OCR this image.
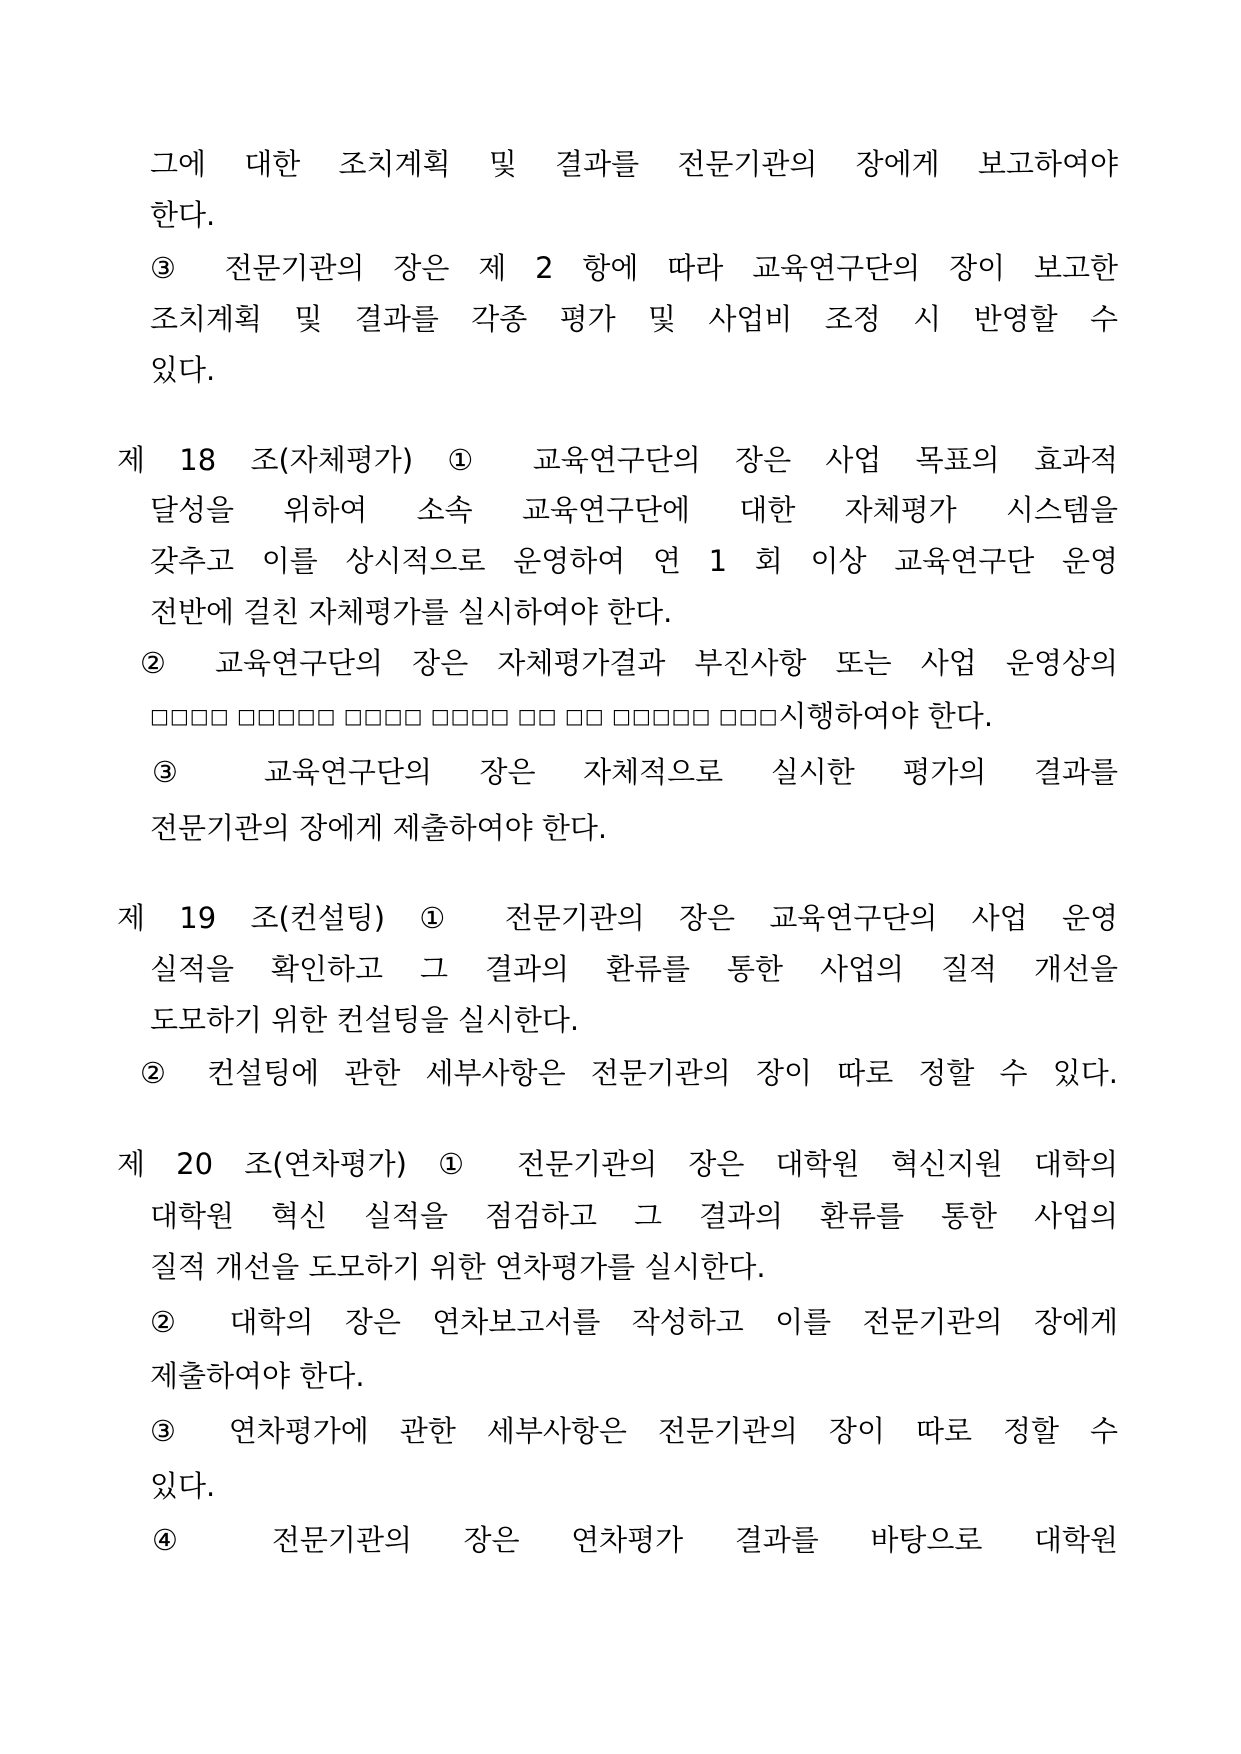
그에 대한 조치계획 및 결과를 전문기관의 장에게 보고하여야
한다.
③ 전문기관의 장은 제 2 항에 따라 교육연구단의 장이 보고한
조치계획 및 결과를 각종 평가 및 사업비 조정 시 반영할 수
있다.
제 18 조(자체평가) ① 교육연구단의 장은 사업 목표의 효과적
달성을 위하여 소속 교육연구단에 대한 자체평가 시스템을
갖추고 이를 상시적으로 운영하여 연 1 회 이상 교육연구단 운영
전반에 걸친 자체평가를 실시하여야 한다.
② 교육연구단의 장은 자체평가결과 부진사항 또는 사업 운영상의
□□□□ □□□□□ □□□□ □□□□ □□ □□ □□□□□ □□□시행하여야 한다.
③ 교육연구단의 장은 자체적으로 실시한 평가의 결과를
전문기관의 장에게 제출하여야 한다.
제 19 조(컨설팅) ① 전문기관의 장은 교육연구단의 사업 운영
실적을 확인하고 그 결과의 환류를 통한 사업의 질적 개선을
도모하기 위한 컨설팅을 실시한다.
② 컨설팅에 관한 세부사항은 전문기관의 장이 따로 정할 수 있다.
제 20 조(연차평가) ① 전문기관의 장은 대학원 혁신지원 대학의
대학원 혁신 실적을 점검하고 그 결과의 환류를 통한 사업의
질적 개선을 도모하기 위한 연차평가를 실시한다.
② 대학의 장은 연차보고서를 작성하고 이를 전문기관의 장에게
제출하여야 한다.
③ 연차평가에 관한 세부사항은 전문기관의 장이 따로 정할 수
있다.
④ 전문기관의 장은 연차평가 결과를 바탕으로 대학원
